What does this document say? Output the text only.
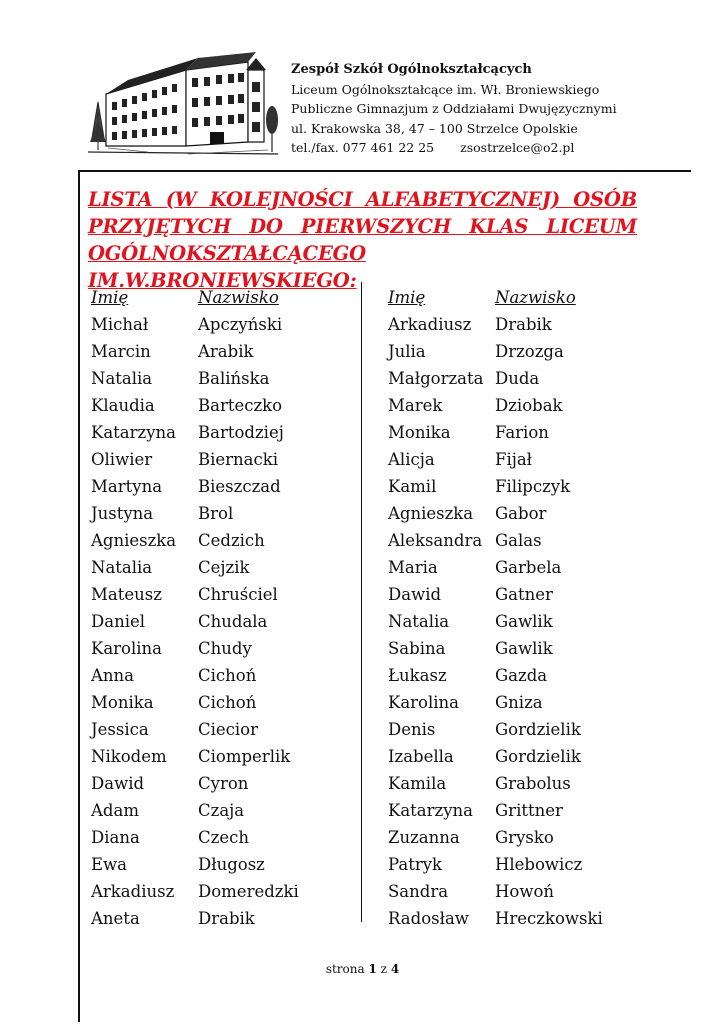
Zespół Szkół Ogólnokształcących
Liceum Ogólnokształcące im. Wł. Broniewskiego
Publiczne Gimnazjum z Oddziałami Dwujęzycznymi
ul. Krakowska 38, 47 – 100 Strzelce Opolskie
tel./fax. 077 461 22 25 zsostrzelce@o2.pl
LISTA (W KOLEJNOŚCI ALFABETYCZNEJ) OSÓB
PRZYJĘTYCH DO PIERWSZYCH KLAS LICEUM
OGÓLNOKSZTAŁCĄCEGO IM.W.BRONIEWSKIEGO:
Imię	Nazwisko
Michał	Apczyński
Marcin	Arabik
Natalia	Balińska
Klaudia	Barteczko
Katarzyna Bartodziej
Oliwier	Biernacki
Martyna Bieszczad
Justyna	Brol
Agnieszka Cedzich
Natalia	Cejzik
Mateusz Chruściel
Daniel	Chudala
Karolina Chudy
Anna	Cichoń
Monika	Cichoń
Jessica	Ciecior
Nikodem Ciomperlik
Dawid	Cyron
Adam	Czaja
Diana	Czech
Ewa	Długosz
Arkadiusz Domeredzki
Aneta	Drabik
Imię	Nazwisko
Arkadiusz Drabik
Julia	Drzozga
Małgorzata Duda
Marek	Dziobak
Monika	Farion
Alicja	Fijał
Kamil	Filipczyk
Agnieszka Gabor
Aleksandra Galas
Maria	Garbela
Dawid	Gatner
Natalia	Gawlik
Sabina	Gawlik
Łukasz	Gazda
Karolina Gniza
Denis	Gordzielik
Izabella Gordzielik
Kamila	Grabolus
Katarzyna Grittner
Zuzanna Grysko
Patryk	Hlebowicz
Sandra	Howoń
Radosław Hreczkowski
strona 1 z 4
